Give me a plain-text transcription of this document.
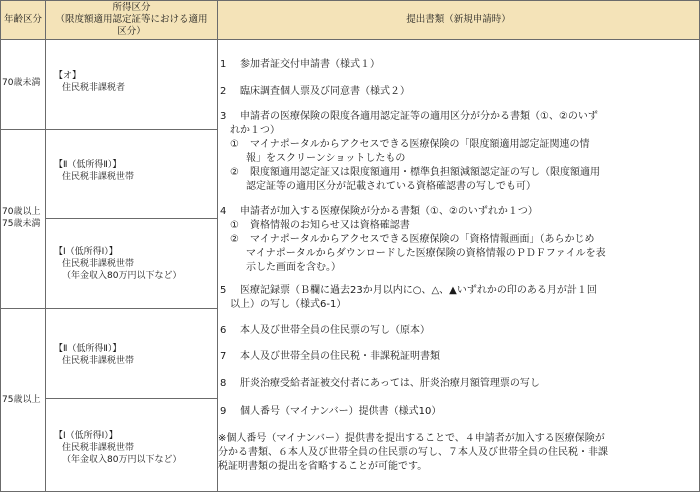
年齢区分
所得区分
（限度額適用認定証等における適用
区分）
提出書類（新規申請時）
70歳未満
70歳以上
75歳未満
75歳以上
【オ】
住民税非課税者
【Ⅱ（低所得Ⅱ）】
住民税非課税世帯
【Ⅰ（低所得Ⅰ）】
住民税非課税世帯
（年金収入80万円以下など）
【Ⅱ（低所得Ⅱ）】
住民税非課税世帯
【Ⅰ（低所得Ⅰ）】
住民税非課税世帯
（年金収入80万円以下など）
1 参加者証交付申請書（様式１）
2 臨床調査個人票及び同意書（様式２）
3 申請者の医療保険の限度各適用認定証等の適用区分が分かる書類（①、②のいず
れか１つ）
① マイナポータルからアクセスできる医療保険の「限度額適用認定証関連の情
報」をスクリーンショットしたもの
② 限度額適用認定証又は限度額適用・標準負担額減額認定証の写し（限度額適用
認定証等の適用区分が記載されている資格確認書の写しでも可）
4 申請者が加入する医療保険が分かる書類（①、②のいずれか１つ）
① 資格情報のお知らせ又は資格確認書
② マイナポータルからアクセスできる医療保険の「資格情報画面」（あらかじめ
マイナポータルからダウンロードした医療保険の資格情報のＰＤＦファイルを表
示した画面を含む。）
5 医療記録票（Ｂ欄に過去23か月以内に○、△、▲いずれかの印のある月が計１回
以上）の写し（様式6-1）
6 本人及び世帯全員の住民票の写し（原本）
7 本人及び世帯全員の住民税・非課税証明書類
8 肝炎治療受給者証被交付者にあっては、肝炎治療月額管理票の写し
9 個人番号（マイナンバー）提供書（様式10）
※個人番号（マイナンバー）提供書を提出することで、４申請者が加入する医療保険が
分かる書類、６本人及び世帯全員の住民票の写し、７本人及び世帯全員の住民税・非課
税証明書類の提出を省略することが可能です。
